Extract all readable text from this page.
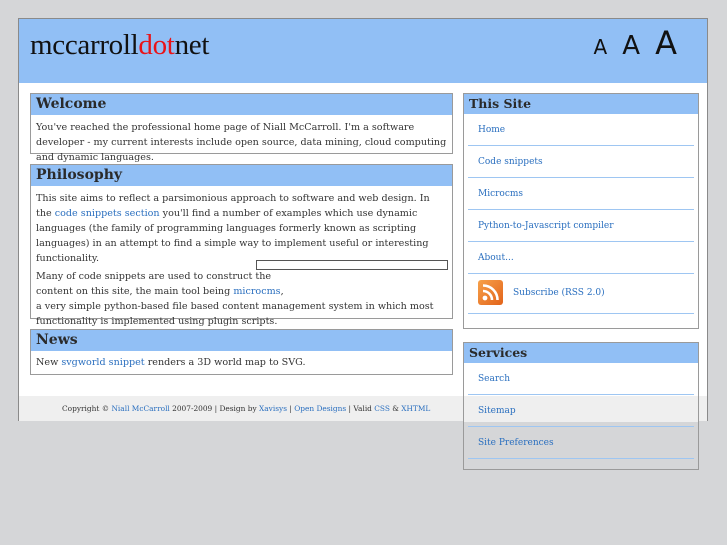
mccarrolldotnet	A A A
Welcome

You've reached the professional home page of Niall McCarroll. I'm a software developer - my current interests include open source, data mining, cloud computing and dynamic languages.

Philosophy

This site aims to reflect a parsimonious approach to software and web design. In the code snippets section you'll find a number of examples which use dynamic languages (the family of programming languages formerly known as scripting languages) in an attempt to find a simple way to implement useful or interesting functionality.

Many of code snippets are used to construct the
content on this site, the main tool being microcms,
a very simple python-based file based content management system in which most functionality is implemented using plugin scripts.

News

New svgworld snippet renders a 3D world map to SVG.

Copyright © Niall McCarroll 2007-2009 | Design by Xavisys | Open Designs | Valid CSS & XHTML

This Site
Home
Code snippets
Microcms
Python-to-Javascript compiler
About...
Subscribe (RSS 2.0)
Services
Search
Sitemap
Site Preferences
